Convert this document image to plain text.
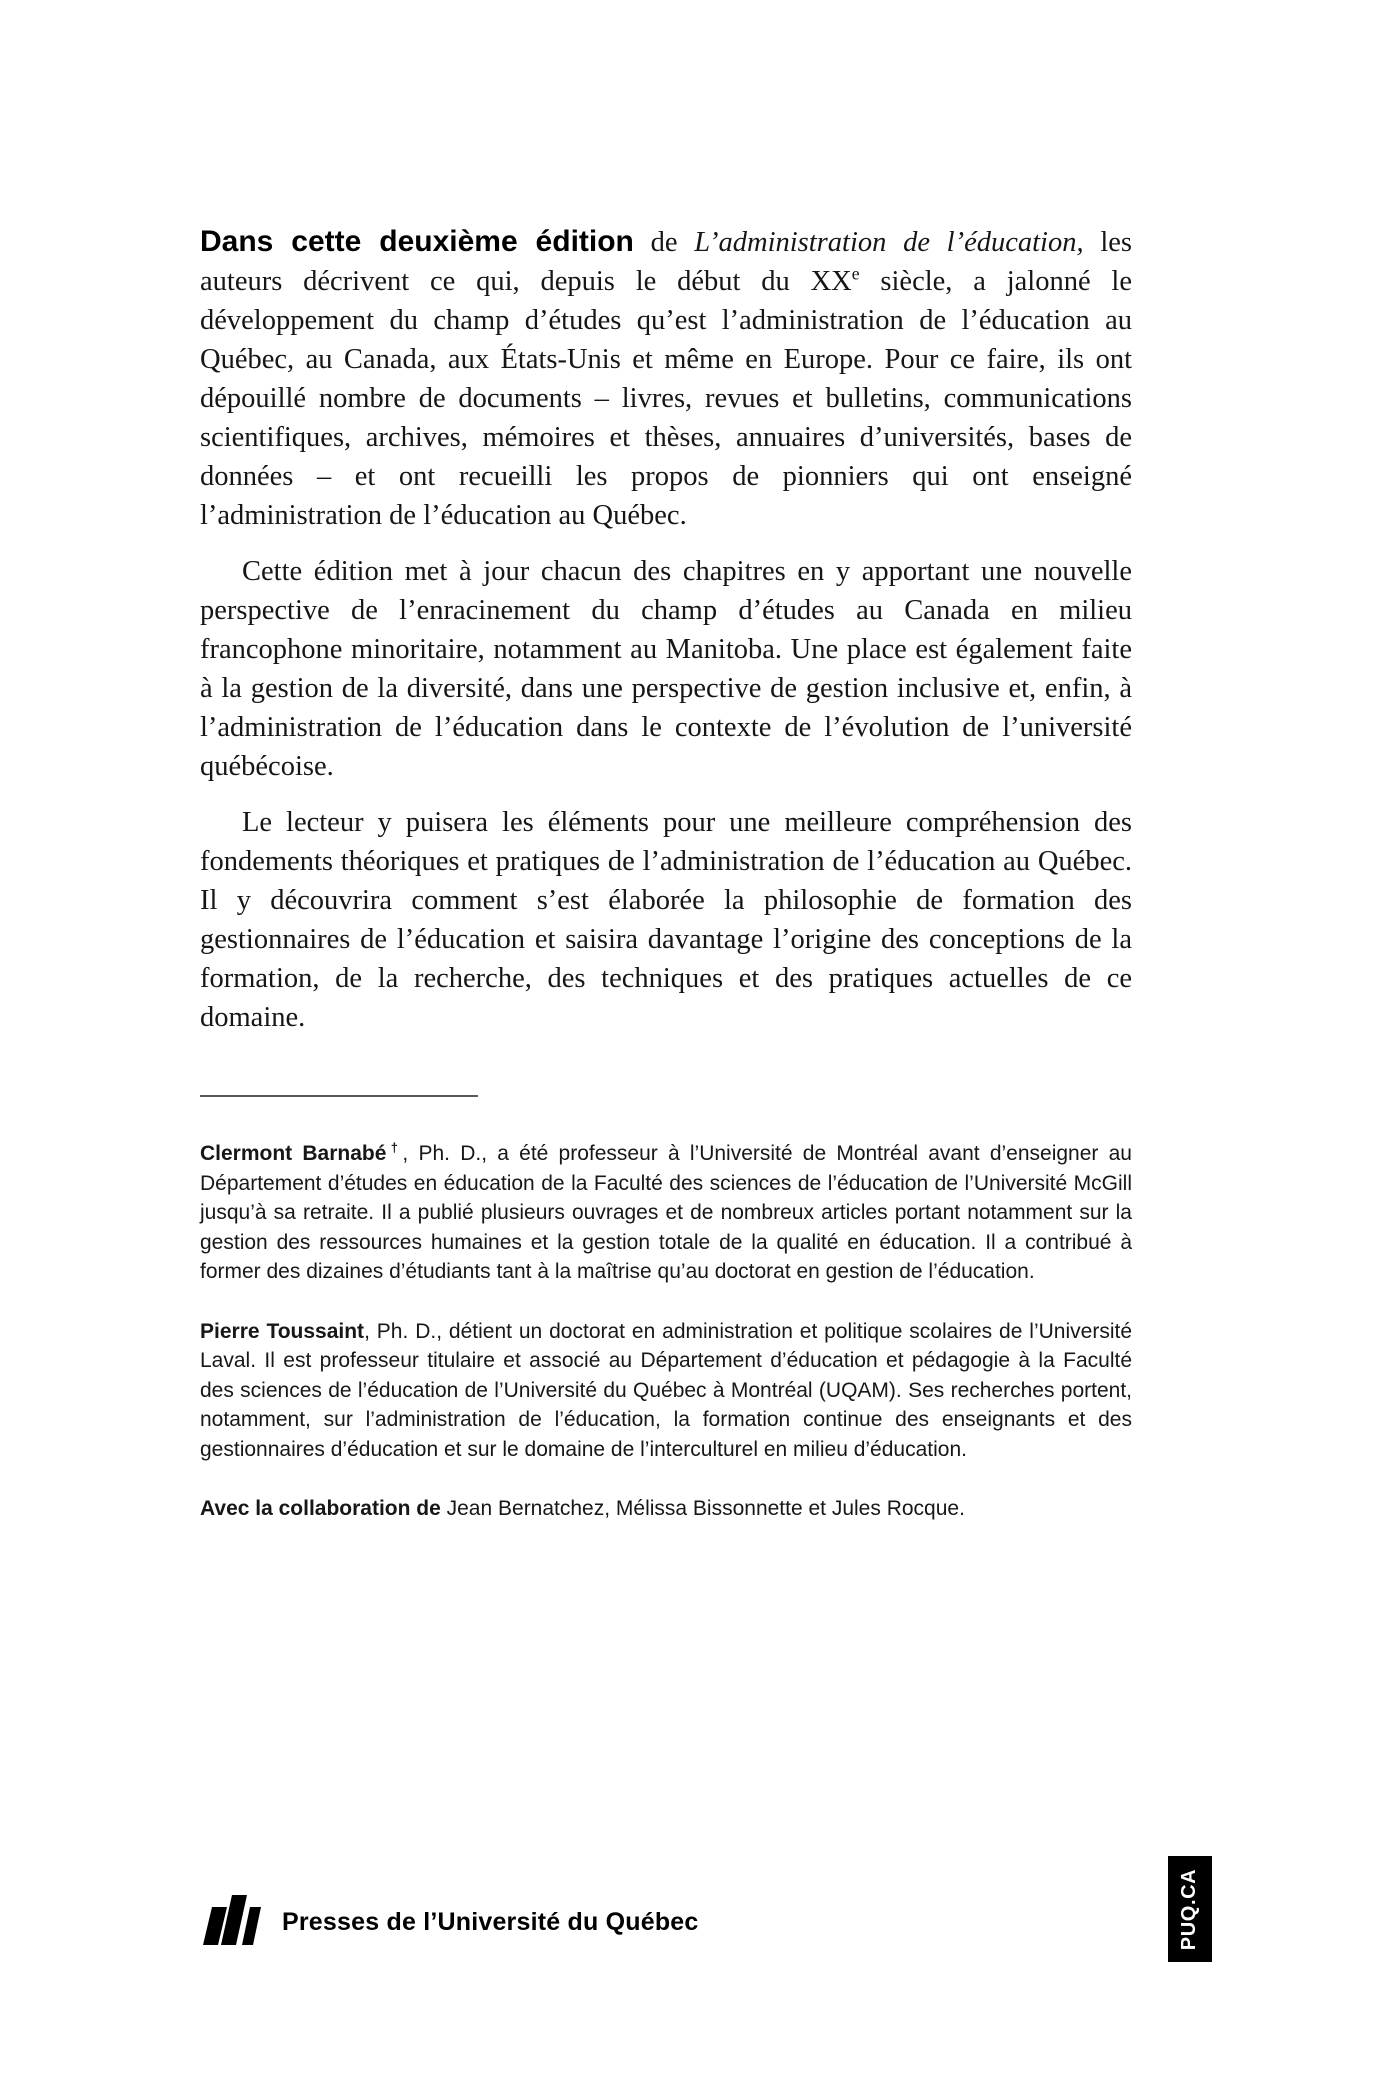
Dans cette deuxième édition de L’administration de l’éducation, les auteurs décrivent ce qui, depuis le début du XXe siècle, a jalonné le développement du champ d’études qu’est l’administration de l’éducation au Québec, au Canada, aux États-Unis et même en Europe. Pour ce faire, ils ont dépouillé nombre de documents – livres, revues et bulletins, communications scientifiques, archives, mémoires et thèses, annuaires d’universités, bases de données – et ont recueilli les propos de pionniers qui ont enseigné l’administration de l’éducation au Québec.

Cette édition met à jour chacun des chapitres en y apportant une nouvelle perspective de l’enracinement du champ d’études au Canada en milieu francophone minoritaire, notamment au Manitoba. Une place est également faite à la gestion de la diversité, dans une perspective de gestion inclusive et, enfin, à l’administration de l’éducation dans le contexte de l’évolution de l’université québécoise.

Le lecteur y puisera les éléments pour une meilleure compréhension des fondements théoriques et pratiques de l’administration de l’éducation au Québec. Il y découvrira comment s’est élaborée la philosophie de formation des gestionnaires de l’éducation et saisira davantage l’origine des conceptions de la formation, de la recherche, des techniques et des pratiques actuelles de ce domaine.

Clermont Barnabé†, Ph. D., a été professeur à l’Université de Montréal avant d’enseigner au Département d’études en éducation de la Faculté des sciences de l’éducation de l’Université McGill jusqu’à sa retraite. Il a publié plusieurs ouvrages et de nombreux articles portant notamment sur la gestion des ressources humaines et la gestion totale de la qualité en éducation. Il a contribué à former des dizaines d’étudiants tant à la maîtrise qu’au doctorat en gestion de l’éducation.

Pierre Toussaint, Ph. D., détient un doctorat en administration et politique scolaires de l’Université Laval. Il est professeur titulaire et associé au Département d’éducation et pédagogie à la Faculté des sciences de l’éducation de l’Université du Québec à Montréal (UQAM). Ses recherches portent, notamment, sur l’administration de l’éducation, la formation continue des enseignants et des gestionnaires d’éducation et sur le domaine de l’interculturel en milieu d’éducation.

Avec la collaboration de Jean Bernatchez, Mélissa Bissonnette et Jules Rocque.

Presses de l’Université du Québec	PUQ.CA
